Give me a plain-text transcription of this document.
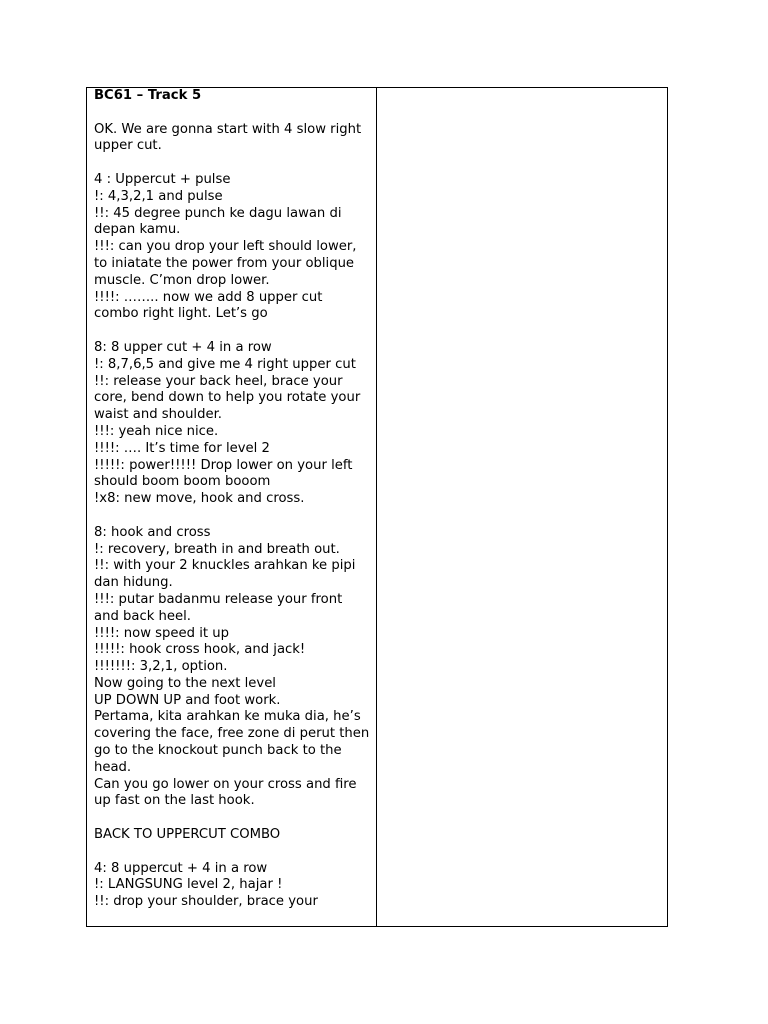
BC61 – Track 5

OK. We are gonna start with 4 slow right upper cut.

4 : Uppercut + pulse
!: 4,3,2,1 and pulse
!!: 45 degree punch ke dagu lawan di depan kamu.
!!!: can you drop your left should lower, to iniatate the power from your oblique muscle. C’mon drop lower.
!!!!: …….. now we add 8 upper cut combo right light. Let’s go
8: 8 upper cut + 4 in a row
!: 8,7,6,5 and give me 4 right upper cut
!!: release your back heel, brace your core, bend down to help you rotate your waist and shoulder.
!!!: yeah nice nice.
!!!!: …. It’s time for level 2
!!!!!: power!!!!! Drop lower on your left should boom boom booom
!x8: new move, hook and cross.
8: hook and cross
!: recovery, breath in and breath out.
!!: with your 2 knuckles arahkan ke pipi dan hidung.
!!!: putar badanmu release your front and back heel.
!!!!: now speed it up
!!!!!: hook cross hook, and jack!
!!!!!!!: 3,2,1, option.
Now going to the next level
UP DOWN UP and foot work.
Pertama, kita arahkan ke muka dia, he’s covering the face, free zone di perut then go to the knockout punch back to the head.
Can you go lower on your cross and fire up fast on the last hook.
BACK TO UPPERCUT COMBO
4: 8 uppercut + 4 in a row
!: LANGSUNG level 2, hajar !
!!: drop your shoulder, brace your
